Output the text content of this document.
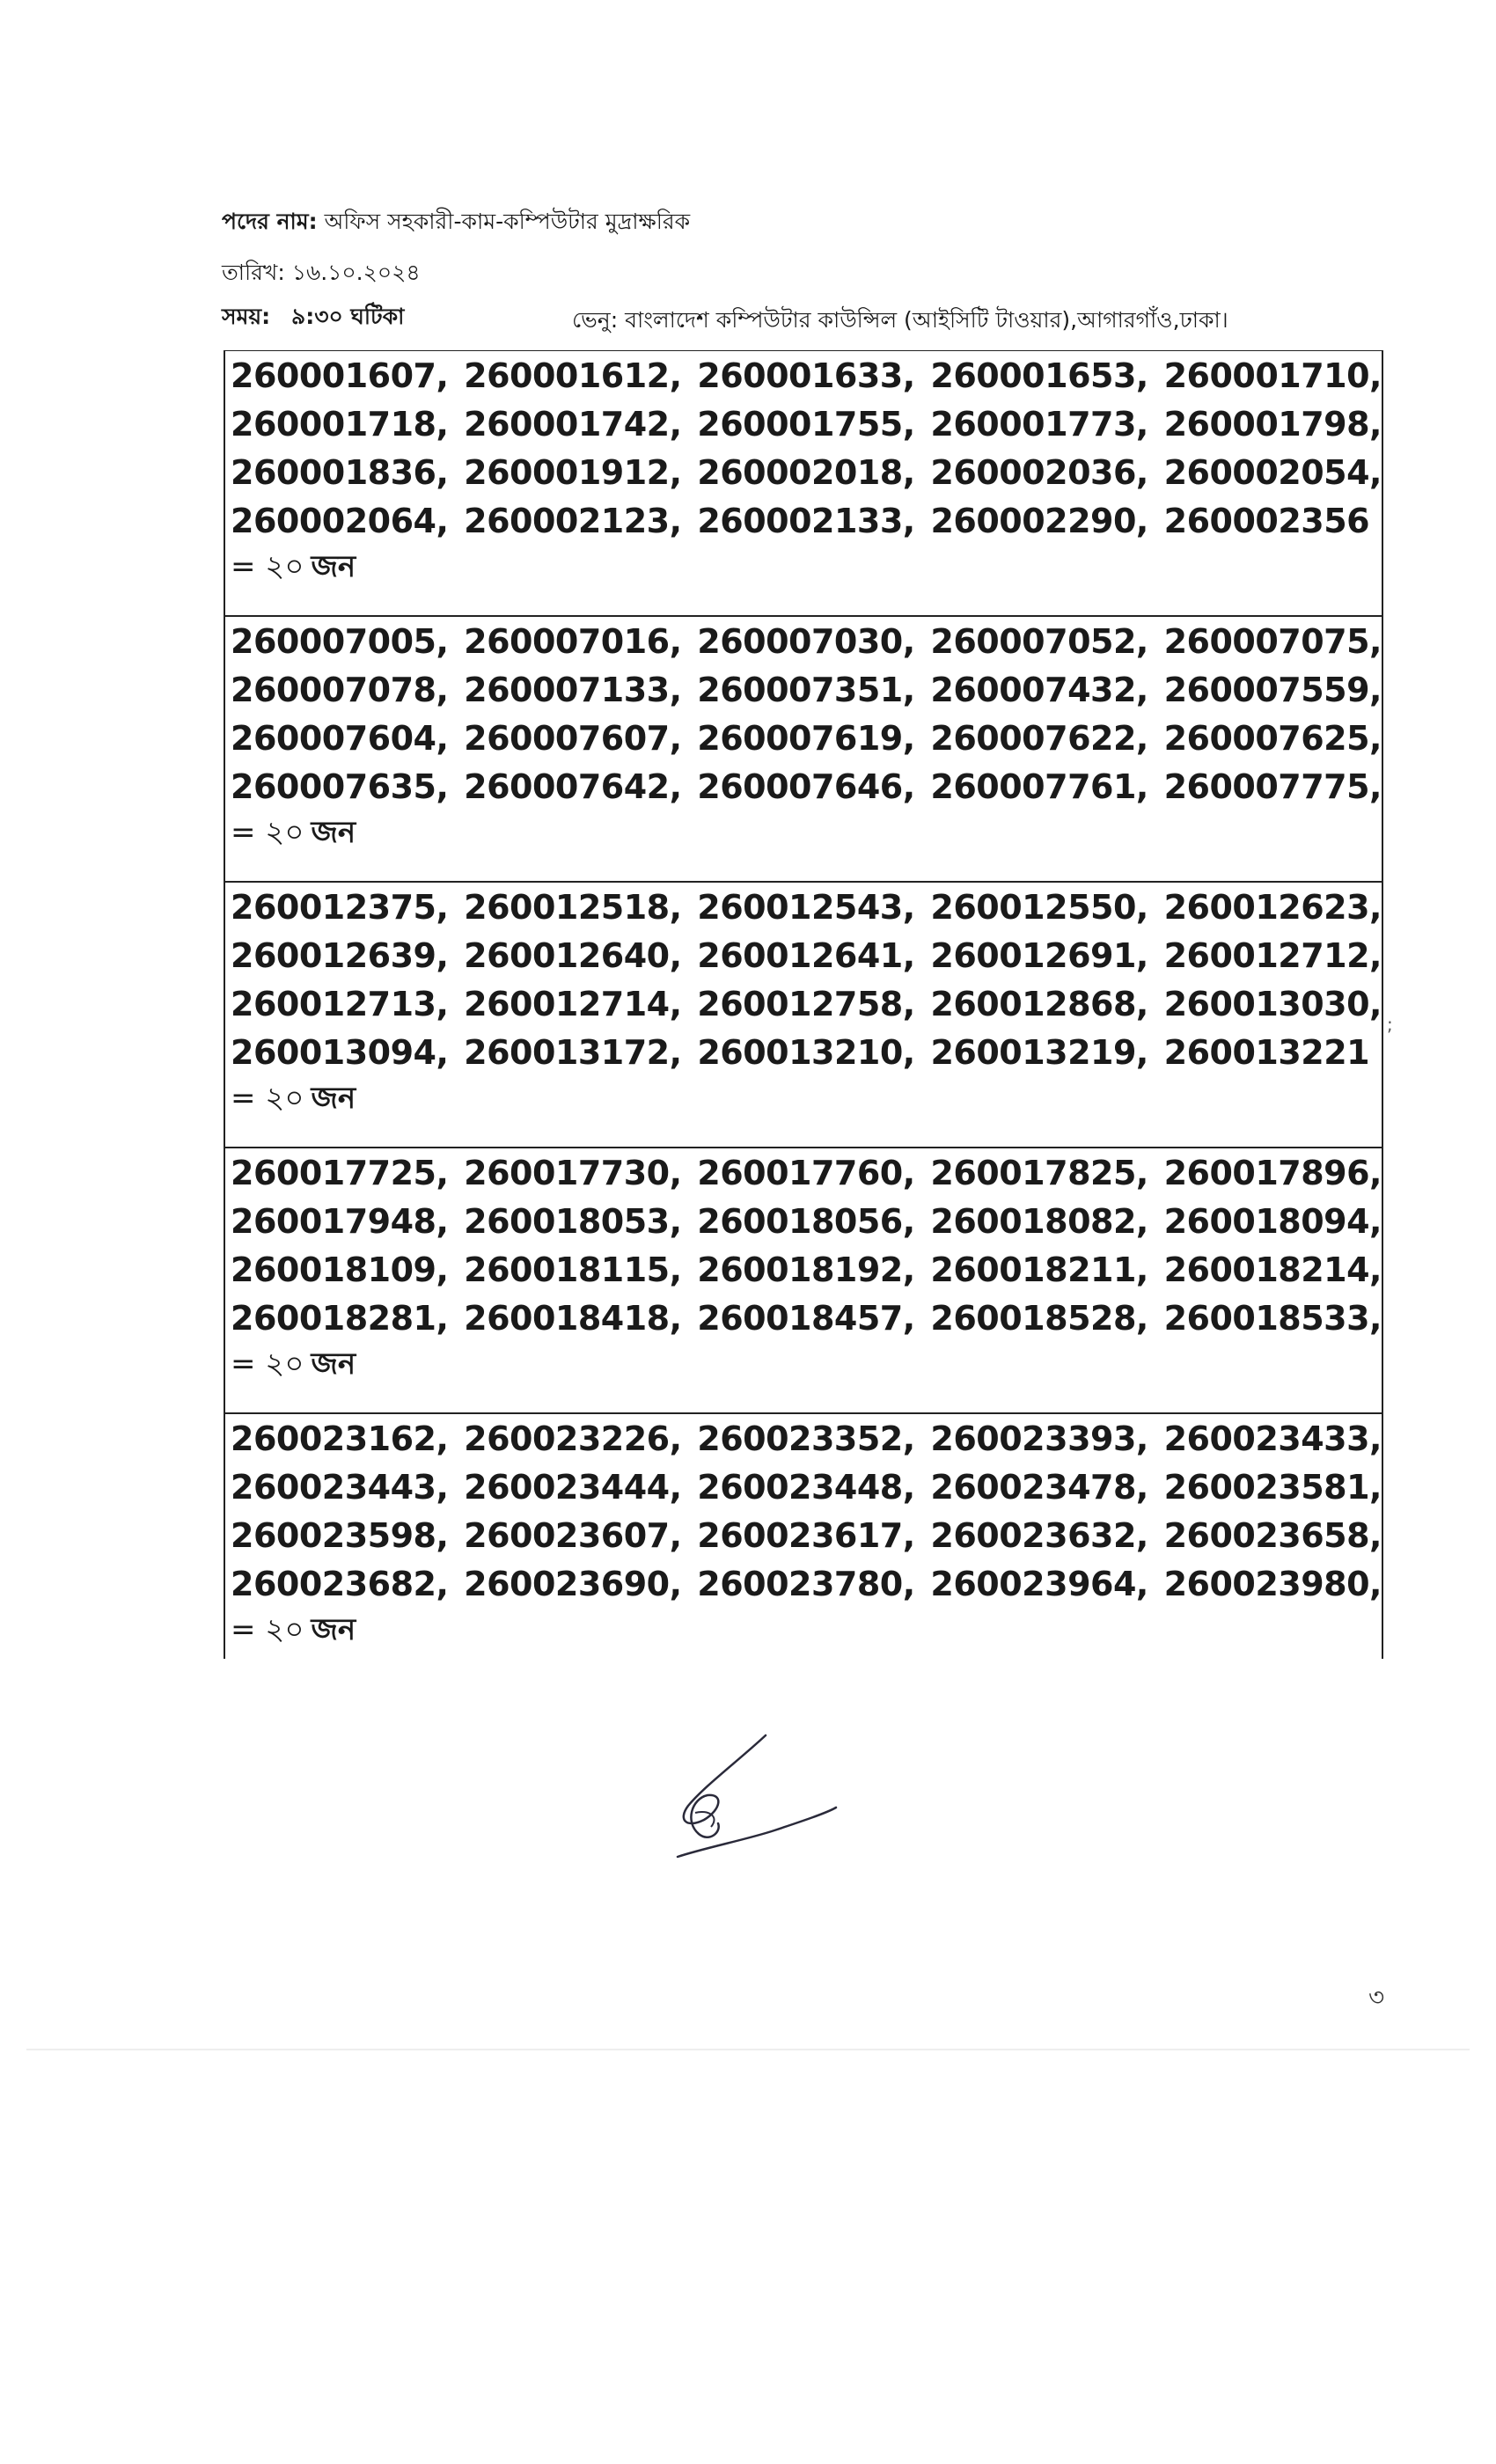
পদের নাম: অফিস সহকারী-কাম-কম্পিউটার মুদ্রাক্ষরিক
তারিখ: ১৬.১০.২০২৪
সময়: ৯:৩০ ঘটিকা	ভেনু: বাংলাদেশ কম্পিউটার কাউন্সিল (আইসিটি টাওয়ার),আগারগাঁও,ঢাকা।
260001607, 260001612, 260001633, 260001653, 260001710,
260001718, 260001742, 260001755, 260001773, 260001798,
260001836, 260001912, 260002018, 260002036, 260002054,
260002064, 260002123, 260002133, 260002290, 260002356
= ২০ জন
260007005, 260007016, 260007030, 260007052, 260007075,
260007078, 260007133, 260007351, 260007432, 260007559,
260007604, 260007607, 260007619, 260007622, 260007625,
260007635, 260007642, 260007646, 260007761, 260007775,
= ২০ জন
260012375, 260012518, 260012543, 260012550, 260012623,
260012639, 260012640, 260012641, 260012691, 260012712,
260012713, 260012714, 260012758, 260012868, 260013030,
260013094, 260013172, 260013210, 260013219, 260013221
= ২০ জন
260017725, 260017730, 260017760, 260017825, 260017896,
260017948, 260018053, 260018056, 260018082, 260018094,
260018109, 260018115, 260018192, 260018211, 260018214,
260018281, 260018418, 260018457, 260018528, 260018533,
= ২০ জন
260023162, 260023226, 260023352, 260023393, 260023433,
260023443, 260023444, 260023448, 260023478, 260023581,
260023598, 260023607, 260023617, 260023632, 260023658,
260023682, 260023690, 260023780, 260023964, 260023980,
= ২০ জন
;
৩
